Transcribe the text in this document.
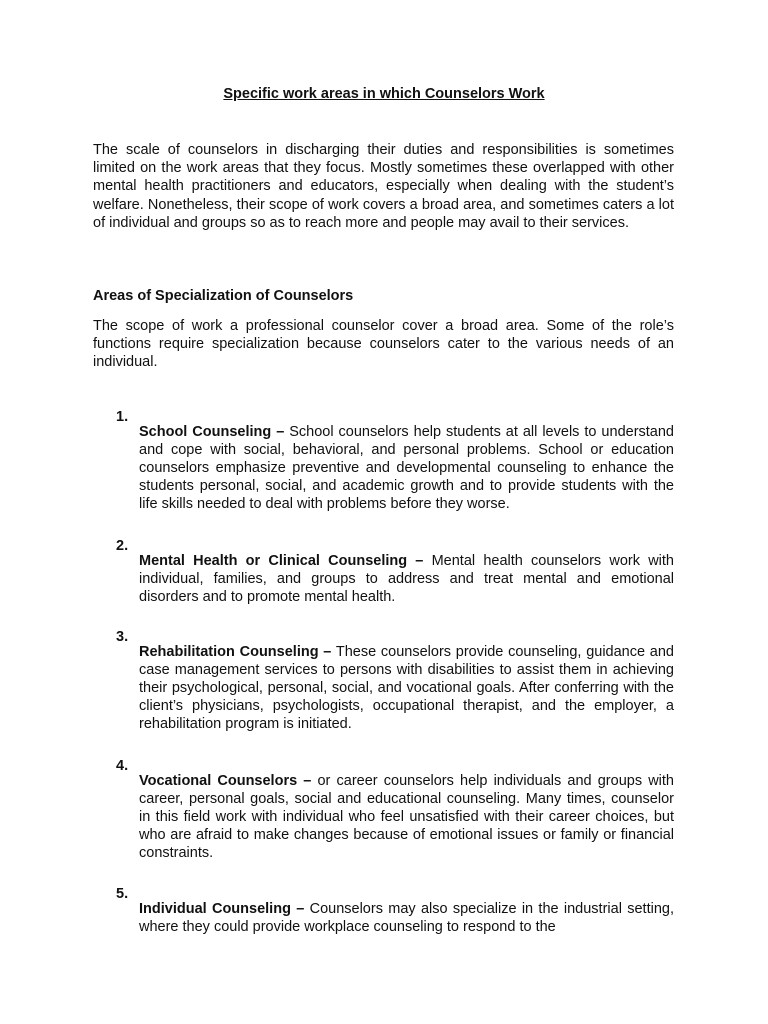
Specific work areas in which Counselors Work

The scale of counselors in discharging their duties and responsibilities is sometimes limited on the work areas that they focus. Mostly sometimes these overlapped with other mental health practitioners and educators, especially when dealing with the student’s welfare. Nonetheless, their scope of work covers a broad area, and sometimes caters a lot of individual and groups so as to reach more and people may avail to their services.

Areas of Specialization of Counselors

The scope of work a professional counselor cover a broad area. Some of the role’s functions require specialization because counselors cater to the various needs of an individual.

1.

School Counseling – School counselors help students at all levels to understand and cope with social, behavioral, and personal problems. School or education counselors emphasize preventive and developmental counseling to enhance the students personal, social, and academic growth and to provide students with the life skills needed to deal with problems before they worse.

2.

Mental Health or Clinical Counseling – Mental health counselors work with individual, families, and groups to address and treat mental and emotional disorders and to promote mental health.

3.

Rehabilitation Counseling – These counselors provide counseling, guidance and case management services to persons with disabilities to assist them in achieving their psychological, personal, social, and vocational goals. After conferring with the client’s physicians, psychologists, occupational therapist, and the employer, a rehabilitation program is initiated.

4.

Vocational Counselors – or career counselors help individuals and groups with career, personal goals, social and educational counseling. Many times, counselor in this field work with individual who feel unsatisfied with their career choices, but who are afraid to make changes because of emotional issues or family or financial constraints.

5.

Individual Counseling – Counselors may also specialize in the industrial setting, where they could provide workplace counseling to respond to the
